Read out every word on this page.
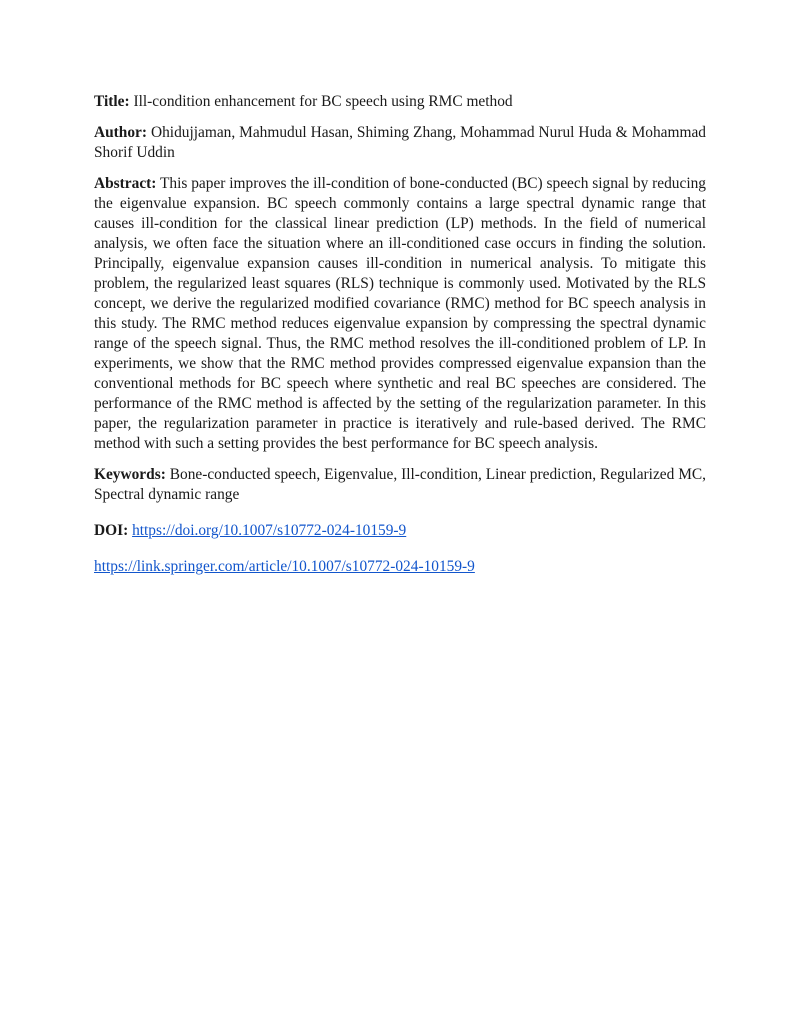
Title: Ill-condition enhancement for BC speech using RMC method

Author: Ohidujjaman, Mahmudul Hasan, Shiming Zhang, Mohammad Nurul Huda & Mohammad Shorif Uddin

Abstract: This paper improves the ill-condition of bone-conducted (BC) speech signal by reducing the eigenvalue expansion. BC speech commonly contains a large spectral dynamic range that causes ill-condition for the classical linear prediction (LP) methods. In the field of numerical analysis, we often face the situation where an ill-conditioned case occurs in finding the solution. Principally, eigenvalue expansion causes ill-condition in numerical analysis. To mitigate this problem, the regularized least squares (RLS) technique is commonly used. Motivated by the RLS concept, we derive the regularized modified covariance (RMC) method for BC speech analysis in this study. The RMC method reduces eigenvalue expansion by compressing the spectral dynamic range of the speech signal. Thus, the RMC method resolves the ill-conditioned problem of LP. In experiments, we show that the RMC method provides compressed eigenvalue expansion than the conventional methods for BC speech where synthetic and real BC speeches are considered. The performance of the RMC method is affected by the setting of the regularization parameter. In this paper, the regularization parameter in practice is iteratively and rule-based derived. The RMC method with such a setting provides the best performance for BC speech analysis.

Keywords: Bone-conducted speech, Eigenvalue, Ill-condition, Linear prediction, Regularized MC, Spectral dynamic range

DOI: https://doi.org/10.1007/s10772-024-10159-9

https://link.springer.com/article/10.1007/s10772-024-10159-9
